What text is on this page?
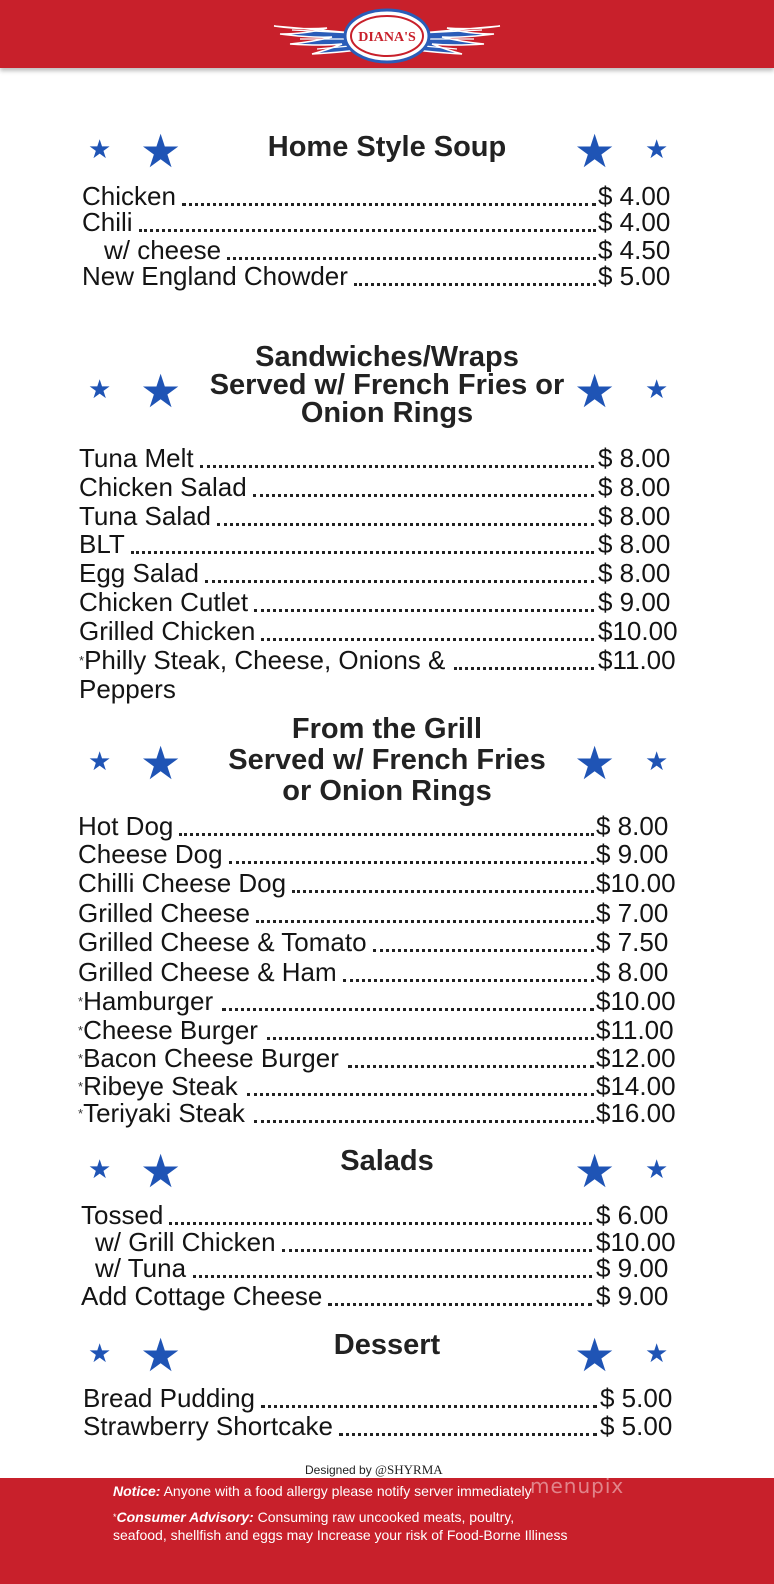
DIANA'S
Home Style Soup
★ ★	★ ★
Chicken	$ 4.00
Chili	$ 4.00
w/ cheese	$ 4.50
New England Chowder	$ 5.00
Sandwiches/Wraps
Served w/ French Fries or
Onion Rings
★ ★	★ ★
Tuna Melt	$ 8.00
Chicken Salad	$ 8.00
Tuna Salad	$ 8.00
BLT	$ 8.00
Egg Salad	$ 8.00
Chicken Cutlet	$ 9.00
Grilled Chicken	$10.00
*Philly Steak, Cheese, Onions &	$11.00
Peppers
From the Grill
Served w/ French Fries
or Onion Rings
★ ★	★ ★
Hot Dog	$ 8.00
Cheese Dog	$ 9.00
Chilli Cheese Dog	$10.00
Grilled Cheese	$ 7.00
Grilled Cheese & Tomato	$ 7.50
Grilled Cheese & Ham	$ 8.00
*Hamburger	$10.00
*Cheese Burger	$11.00
*Bacon Cheese Burger	$12.00
*Ribeye Steak	$14.00
*Teriyaki Steak	$16.00
Salads
★ ★	★ ★
Tossed	$ 6.00
w/ Grill Chicken	$10.00
w/ Tuna	$ 9.00
Add Cottage Cheese	$ 9.00
Dessert
★ ★	★ ★
Bread Pudding	$ 5.00
Strawberry Shortcake	$ 5.00
Designed by @SHYRMA
Notice: Anyone with a food allergy please notify server immediately
*Consumer Advisory: Consuming raw uncooked meats, poultry,
seafood, shellfish and eggs may Increase your risk of Food-Borne Illiness
menupix
